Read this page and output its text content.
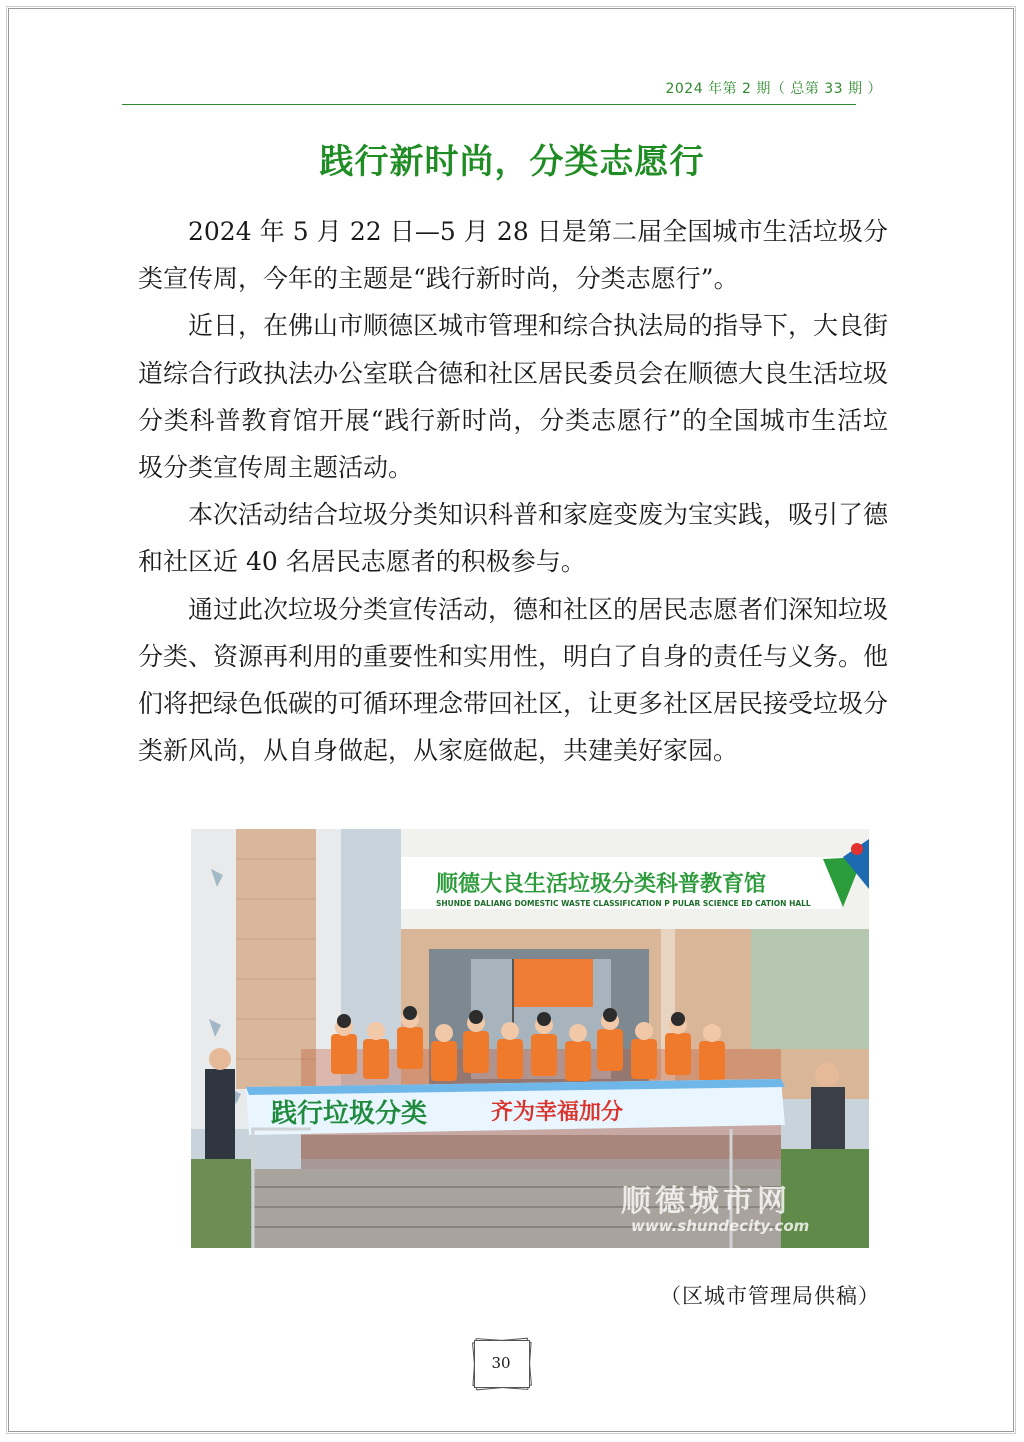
2024 年第 2 期（ 总第 33 期 ）
践行新时尚，分类志愿行

2024 年 5 月 22 日—5 月 28 日是第二届全国城市生活垃圾分类宣传周，今年的主题是“践行新时尚，分类志愿行”。

近日，在佛山市顺德区城市管理和综合执法局的指导下，大良街道综合行政执法办公室联合德和社区居民委员会在顺德大良生活垃圾分类科普教育馆开展“践行新时尚，分类志愿行”的全国城市生活垃圾分类宣传周主题活动。

本次活动结合垃圾分类知识科普和家庭变废为宝实践，吸引了德和社区近 40 名居民志愿者的积极参与。

通过此次垃圾分类宣传活动，德和社区的居民志愿者们深知垃圾分类、资源再利用的重要性和实用性，明白了自身的责任与义务。他们将把绿色低碳的可循环理念带回社区，让更多社区居民接受垃圾分类新风尚，从自身做起，从家庭做起，共建美好家园。

顺德大良生活垃圾分类科普教育馆
SHUNDE DALIANG DOMESTIC WASTE CLASSIFICATION P PULAR SCIENCE ED CATION HALL
践行垃圾分类	齐为幸福加分
顺德城市网
www.shundecity.com
（区城市管理局供稿）
30
